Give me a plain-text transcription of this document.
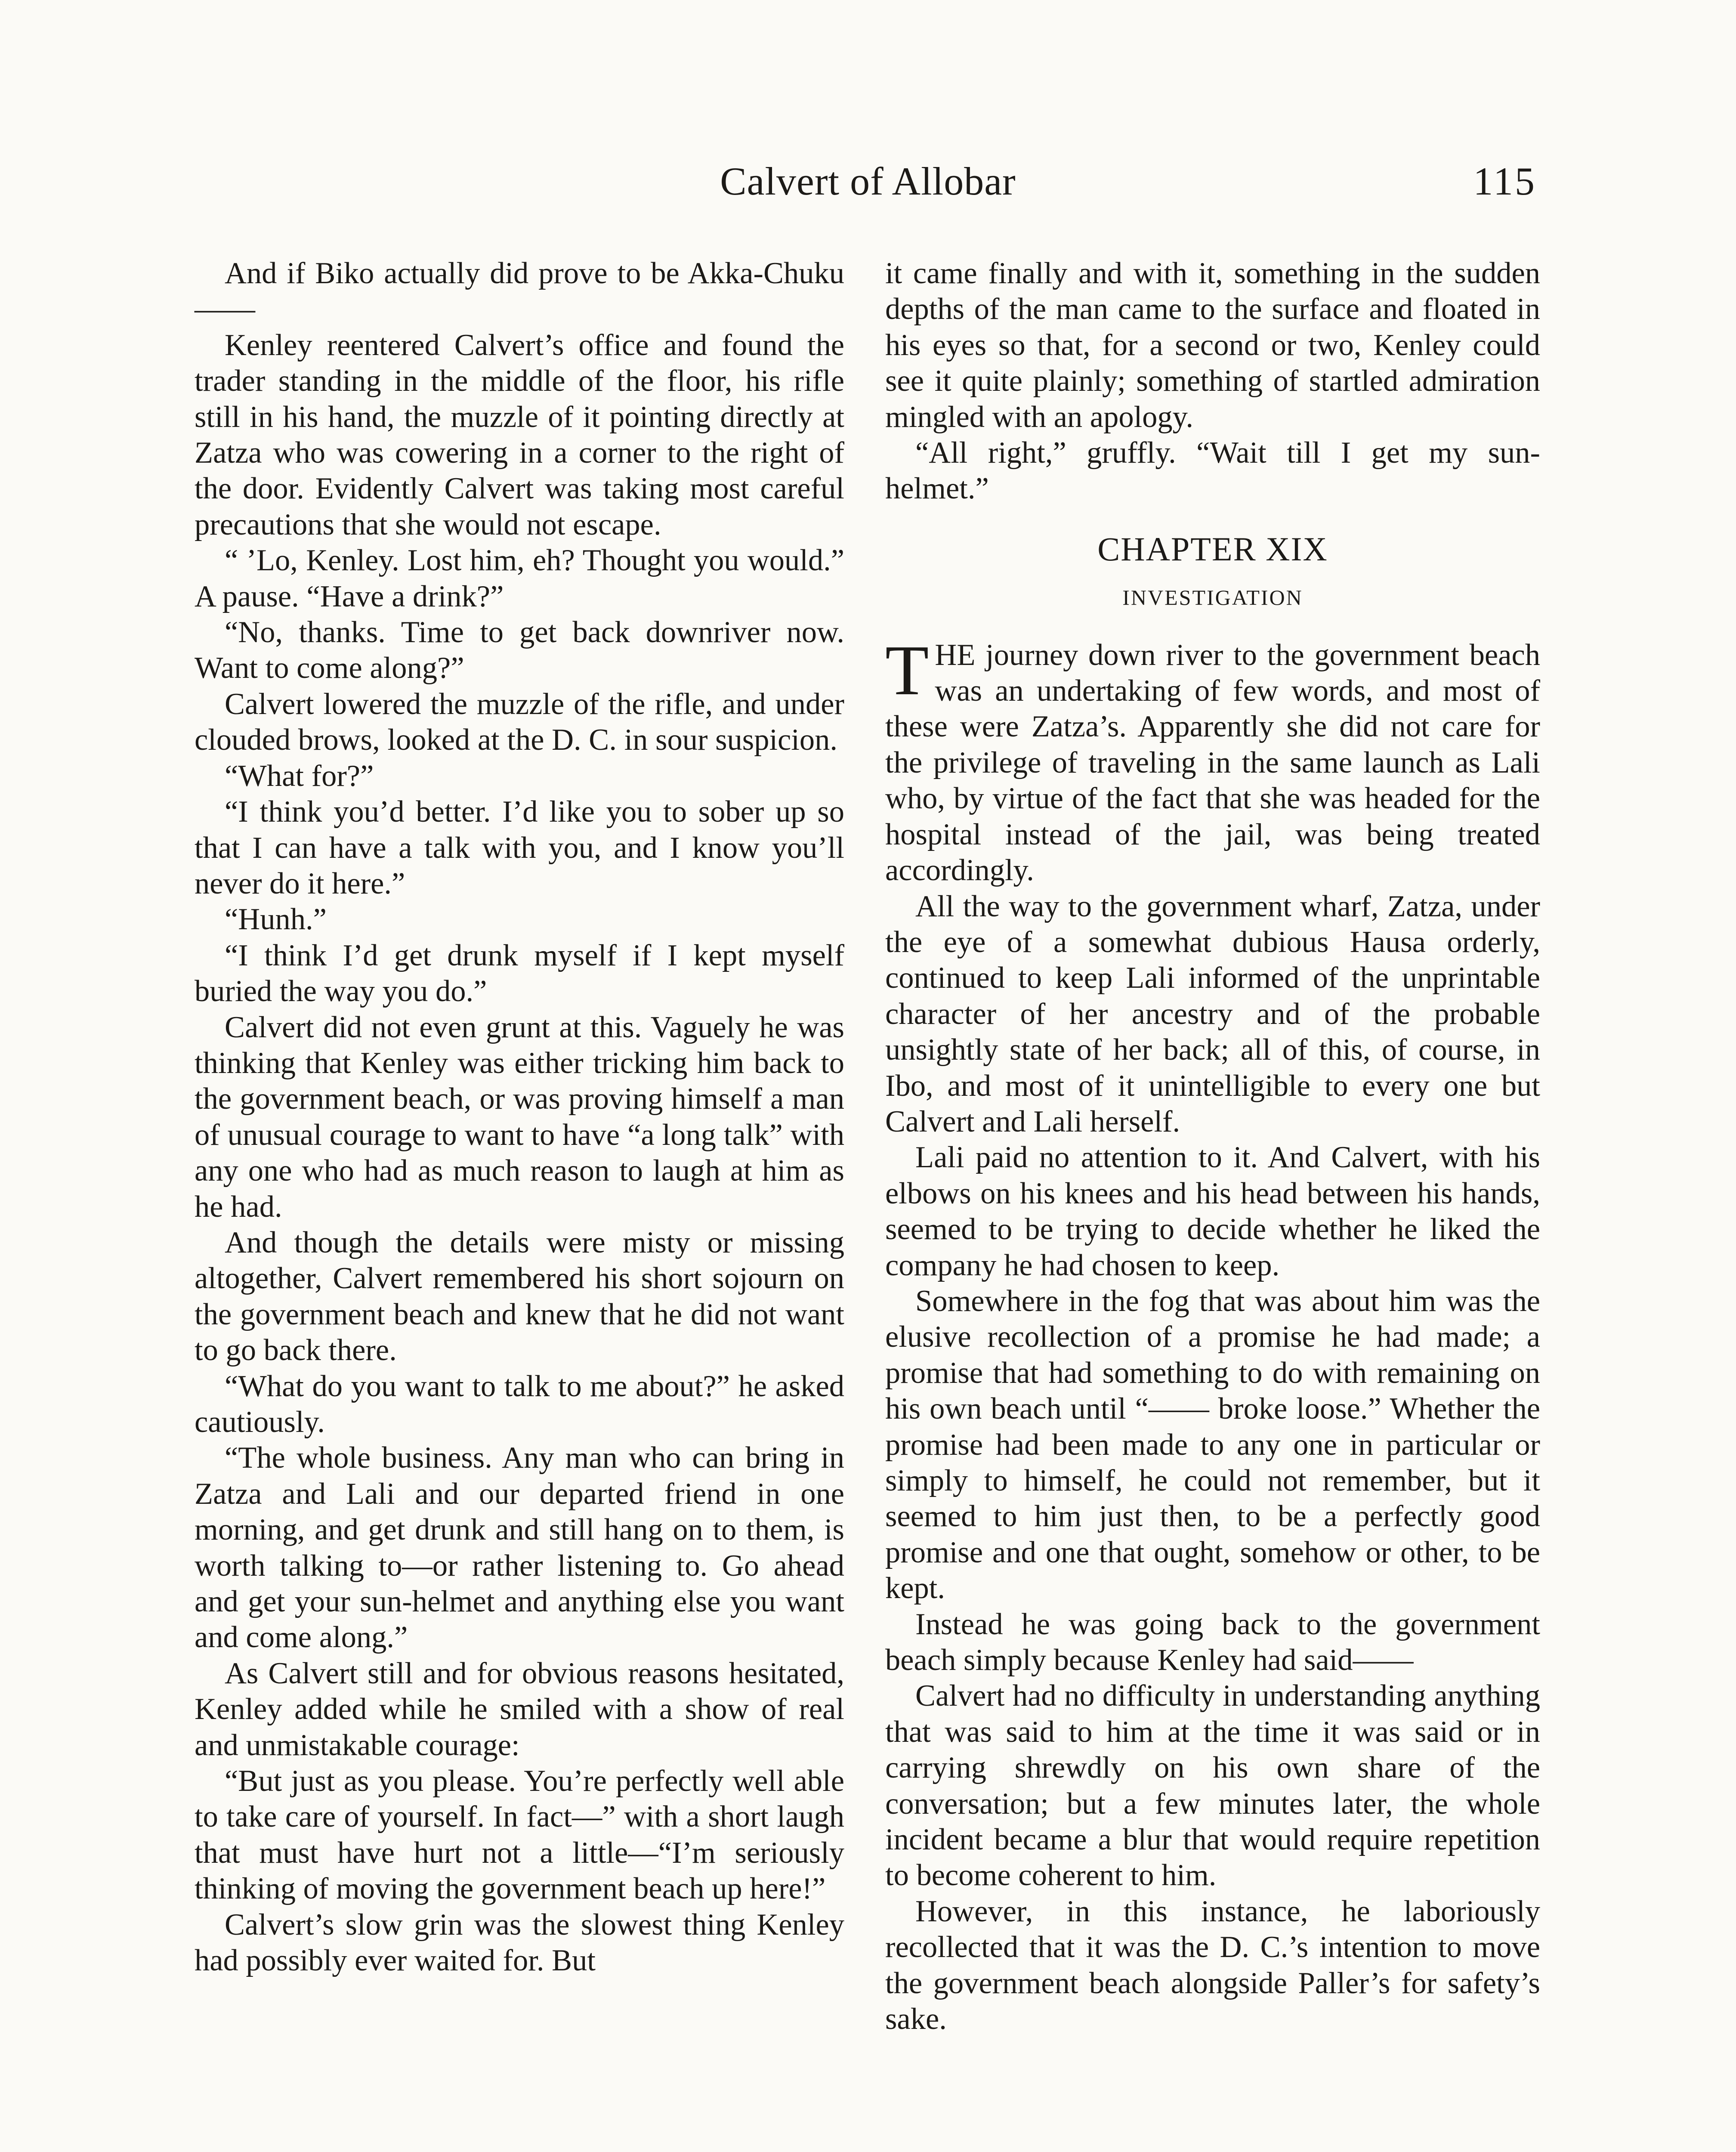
Calvert of Allobar	115

And if Biko actually did prove to be Akka-Chuku——

Kenley reentered Calvert’s office and found the trader standing in the middle of the floor, his rifle still in his hand, the muzzle of it pointing directly at Zatza who was cowering in a corner to the right of the door. Evidently Calvert was taking most careful precautions that she would not escape.

“ ’Lo, Kenley. Lost him, eh? Thought you would.” A pause. “Have a drink?”

“No, thanks. Time to get back downriver now. Want to come along?”

Calvert lowered the muzzle of the rifle, and under clouded brows, looked at the D. C. in sour suspicion.

“What for?”

“I think you’d better. I’d like you to sober up so that I can have a talk with you, and I know you’ll never do it here.”

“Hunh.”

“I think I’d get drunk myself if I kept myself buried the way you do.”

Calvert did not even grunt at this. Vaguely he was thinking that Kenley was either tricking him back to the government beach, or was proving himself a man of unusual courage to want to have “a long talk” with any one who had as much reason to laugh at him as he had.

And though the details were misty or missing altogether, Calvert remembered his short sojourn on the government beach and knew that he did not want to go back there.

“What do you want to talk to me about?” he asked cautiously.

“The whole business. Any man who can bring in Zatza and Lali and our departed friend in one morning, and get drunk and still hang on to them, is worth talking to—or rather listening to. Go ahead and get your sun-helmet and anything else you want and come along.”

As Calvert still and for obvious reasons hesitated, Kenley added while he smiled with a show of real and unmistakable courage:

“But just as you please. You’re perfectly well able to take care of yourself. In fact—” with a short laugh that must have hurt not a little—“I’m seriously thinking of moving the government beach up here!”

Calvert’s slow grin was the slowest thing Kenley had possibly ever waited for. But

it came finally and with it, something in the sudden depths of the man came to the surface and floated in his eyes so that, for a second or two, Kenley could see it quite plainly; something of startled admiration mingled with an apology.

“All right,” gruffly. “Wait till I get my sun-helmet.”

CHAPTER XIX
INVESTIGATION

THE journey down river to the government beach was an undertaking of few words, and most of these were Zatza’s. Apparently she did not care for the privilege of traveling in the same launch as Lali who, by virtue of the fact that she was headed for the hospital instead of the jail, was being treated accordingly.

All the way to the government wharf, Zatza, under the eye of a somewhat dubious Hausa orderly, continued to keep Lali informed of the unprintable character of her ancestry and of the probable unsightly state of her back; all of this, of course, in Ibo, and most of it unintelligible to every one but Calvert and Lali herself.

Lali paid no attention to it. And Calvert, with his elbows on his knees and his head between his hands, seemed to be trying to decide whether he liked the company he had chosen to keep.

Somewhere in the fog that was about him was the elusive recollection of a promise he had made; a promise that had something to do with remaining on his own beach until “—— broke loose.” Whether the promise had been made to any one in particular or simply to himself, he could not remember, but it seemed to him just then, to be a perfectly good promise and one that ought, somehow or other, to be kept.

Instead he was going back to the government beach simply because Kenley had said——

Calvert had no difficulty in understanding anything that was said to him at the time it was said or in carrying shrewdly on his own share of the conversation; but a few minutes later, the whole incident became a blur that would require repetition to become coherent to him.

However, in this instance, he laboriously recollected that it was the D. C.’s intention to move the government beach alongside Paller’s for safety’s sake.
